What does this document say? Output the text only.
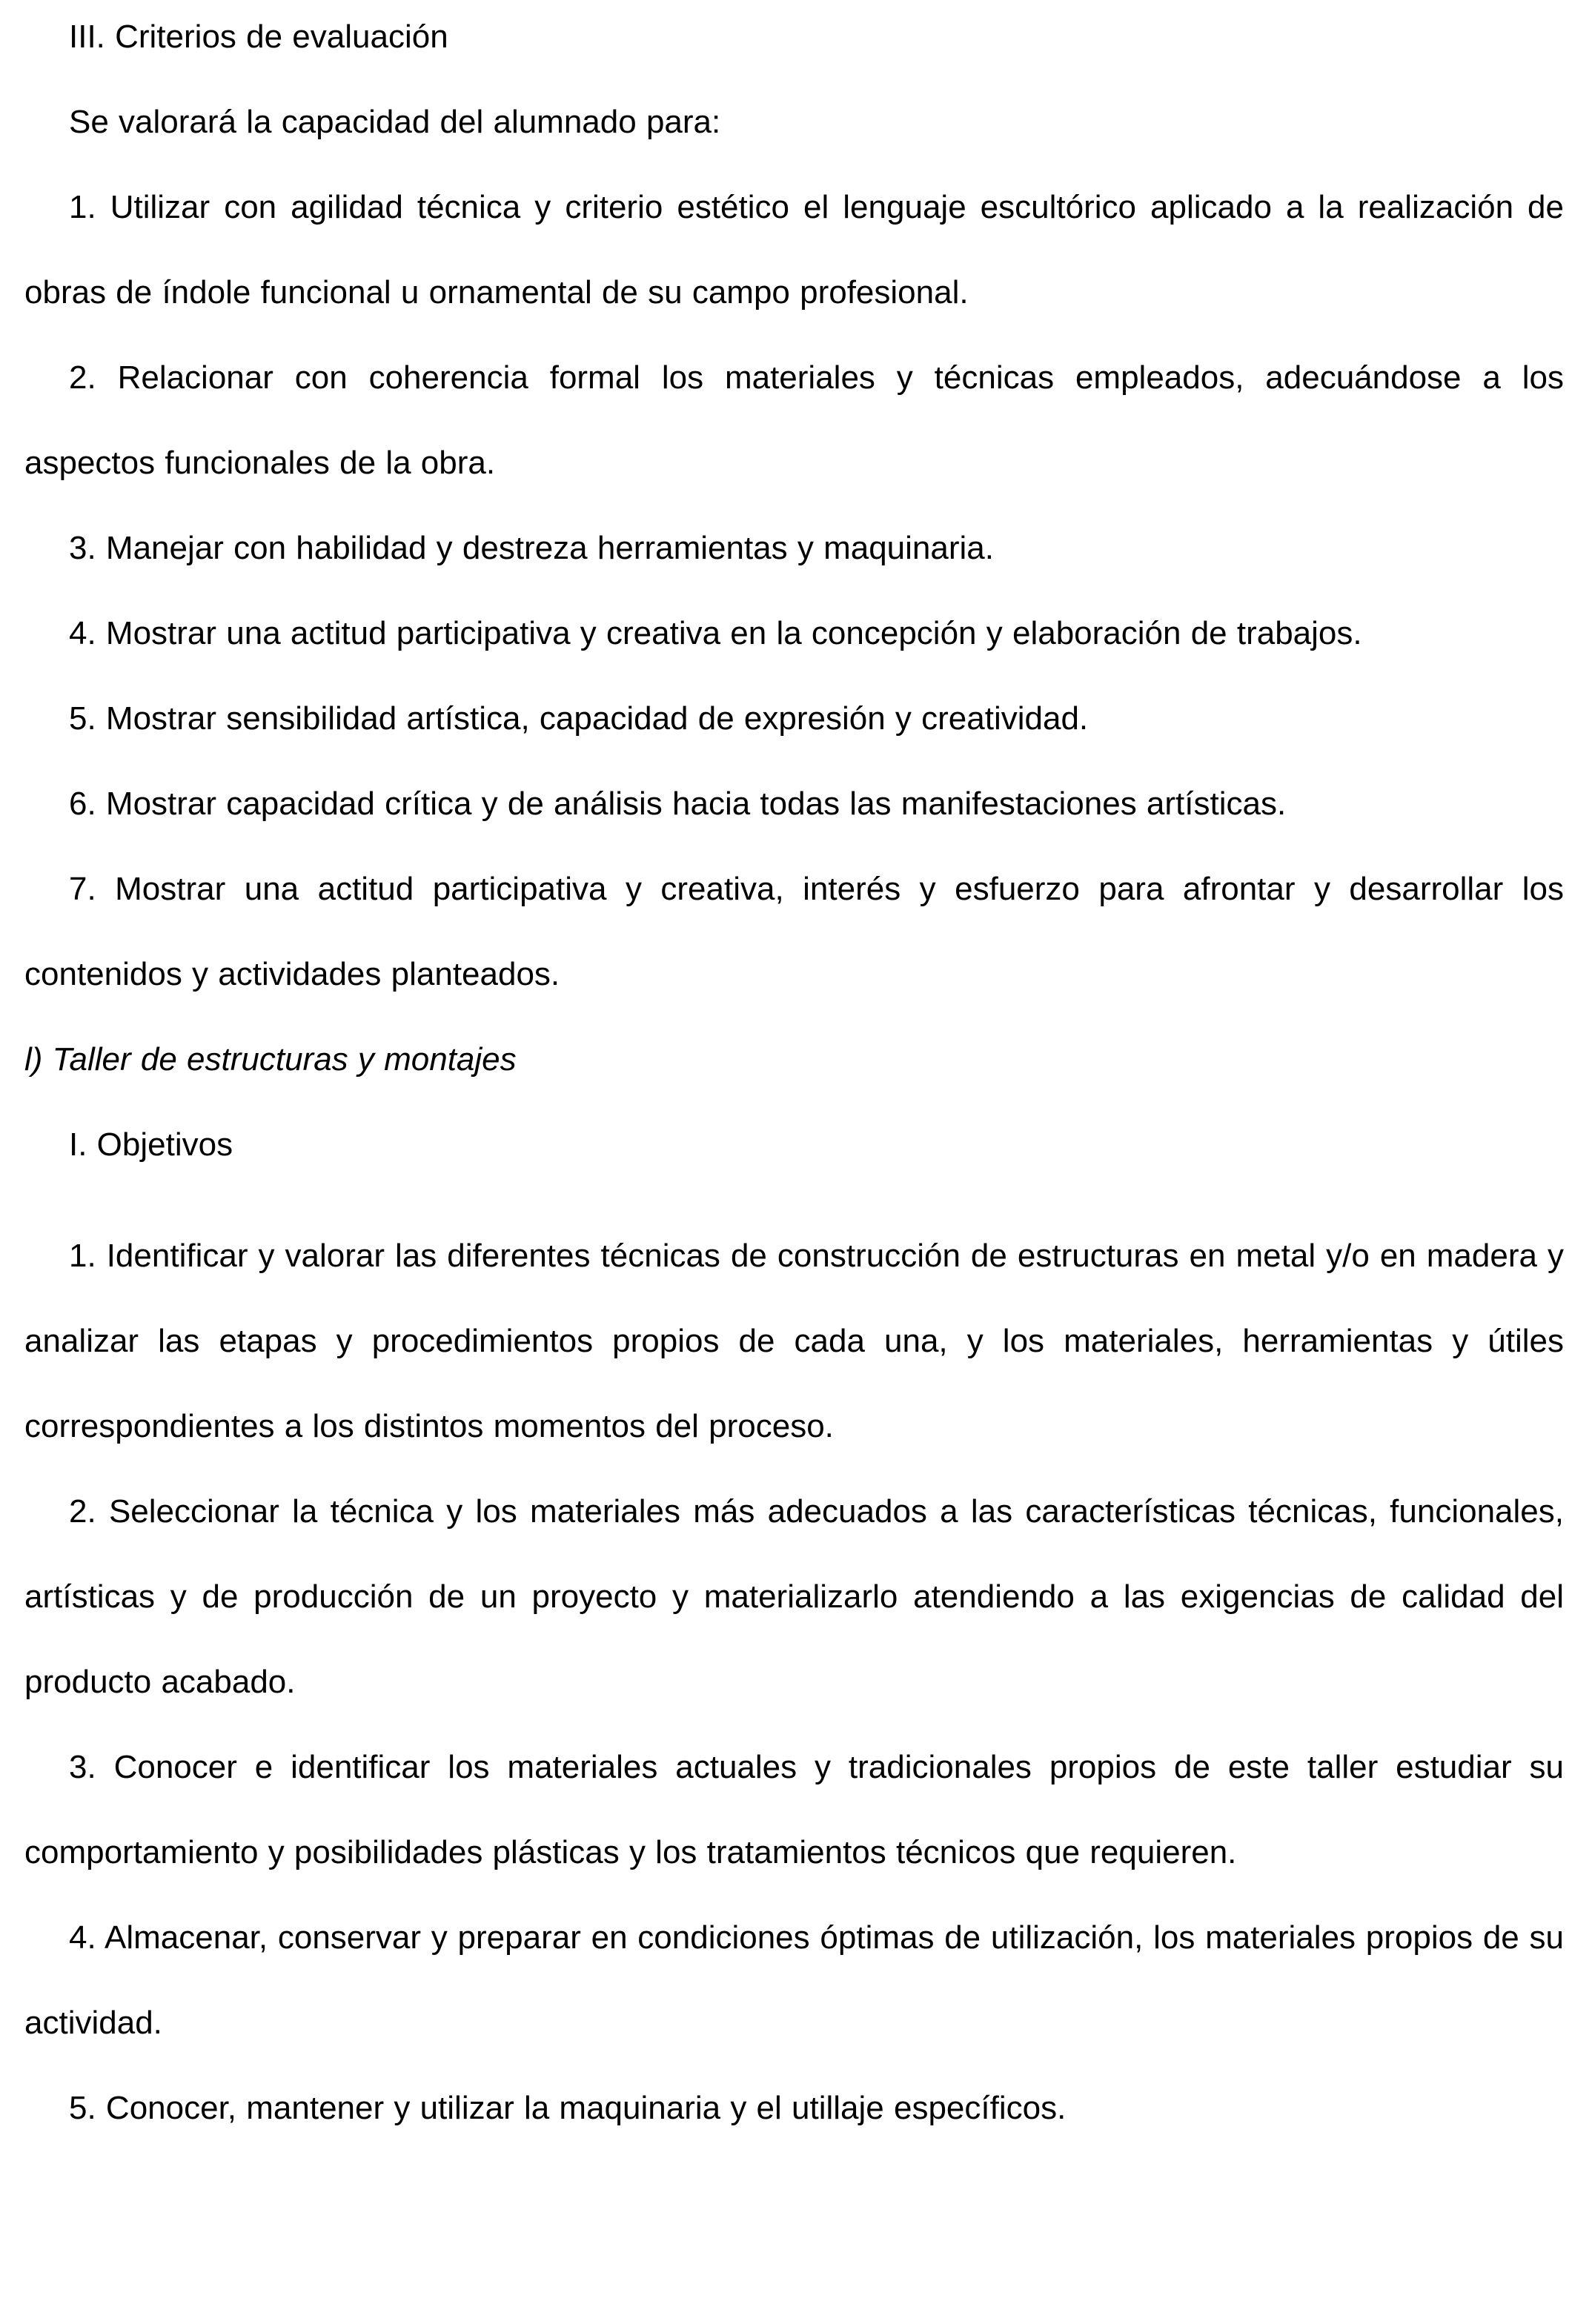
III. Criterios de evaluación

Se valorará la capacidad del alumnado para:

1. Utilizar con agilidad técnica y criterio estético el lenguaje escultórico aplicado a la realización de obras de índole funcional u ornamental de su campo profesional.

2. Relacionar con coherencia formal los materiales y técnicas empleados, adecuándose a los aspectos funcionales de la obra.

3. Manejar con habilidad y destreza herramientas y maquinaria.

4. Mostrar una actitud participativa y creativa en la concepción y elaboración de trabajos.

5. Mostrar sensibilidad artística, capacidad de expresión y creatividad.

6. Mostrar capacidad crítica y de análisis hacia todas las manifestaciones artísticas.

7. Mostrar una actitud participativa y creativa, interés y esfuerzo para afrontar y desarrollar los contenidos y actividades planteados.

l) Taller de estructuras y montajes

I. Objetivos

1. Identificar y valorar las diferentes técnicas de construcción de estructuras en metal y/o en madera y analizar las etapas y procedimientos propios de cada una, y los materiales, herramientas y útiles correspondientes a los distintos momentos del proceso.

2. Seleccionar la técnica y los materiales más adecuados a las características técnicas, funcionales, artísticas y de producción de un proyecto y materializarlo atendiendo a las exigencias de calidad del producto acabado.

3. Conocer e identificar los materiales actuales y tradicionales propios de este taller estudiar su comportamiento y posibilidades plásticas y los tratamientos técnicos que requieren.

4. Almacenar, conservar y preparar en condiciones óptimas de utilización, los materiales propios de su actividad.

5. Conocer, mantener y utilizar la maquinaria y el utillaje específicos.
